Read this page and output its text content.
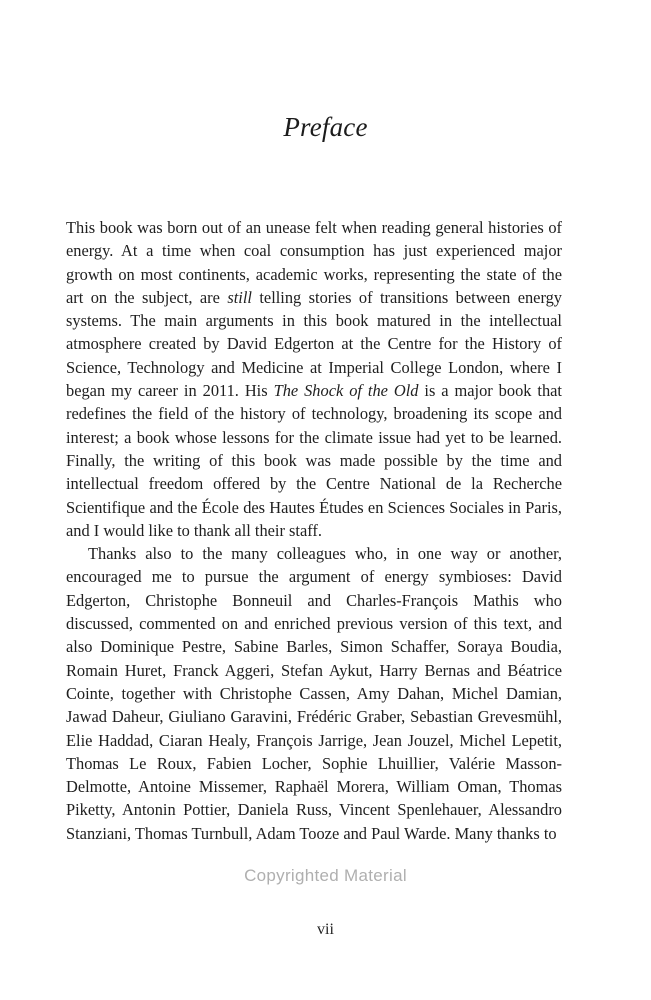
Preface

This book was born out of an unease felt when reading general histories of energy. At a time when coal consumption has just experienced major growth on most continents, academic works, representing the state of the art on the subject, are still telling stories of transitions between energy systems. The main arguments in this book matured in the intellectual atmosphere created by David Edgerton at the Centre for the History of Science, Technology and Medicine at Imperial College London, where I began my career in 2011. His The Shock of the Old is a major book that redefines the field of the history of technology, broadening its scope and interest; a book whose lessons for the climate issue had yet to be learned. Finally, the writing of this book was made possible by the time and intellectual freedom offered by the Centre National de la Recherche Scientifique and the École des Hautes Études en Sciences Sociales in Paris, and I would like to thank all their staff.

Thanks also to the many colleagues who, in one way or another, encouraged me to pursue the argument of energy symbioses: David Edgerton, Christophe Bonneuil and Charles-François Mathis who discussed, commented on and enriched previous version of this text, and also Dominique Pestre, Sabine Barles, Simon Schaffer, Soraya Boudia, Romain Huret, Franck Aggeri, Stefan Aykut, Harry Bernas and Béatrice Cointe, together with Christophe Cassen, Amy Dahan, Michel Damian, Jawad Daheur, Giuliano Garavini, Frédéric Graber, Sebastian Grevesmühl, Elie Haddad, Ciaran Healy, François Jarrige, Jean Jouzel, Michel Lepetit, Thomas Le Roux, Fabien Locher, Sophie Lhuillier, Valérie Masson-Delmotte, Antoine Missemer, Raphaël Morera, William Oman, Thomas Piketty, Antonin Pottier, Daniela Russ, Vincent Spenlehauer, Alessandro Stanziani, Thomas Turnbull, Adam Tooze and Paul Warde. Many thanks to

Copyrighted Material
vii
